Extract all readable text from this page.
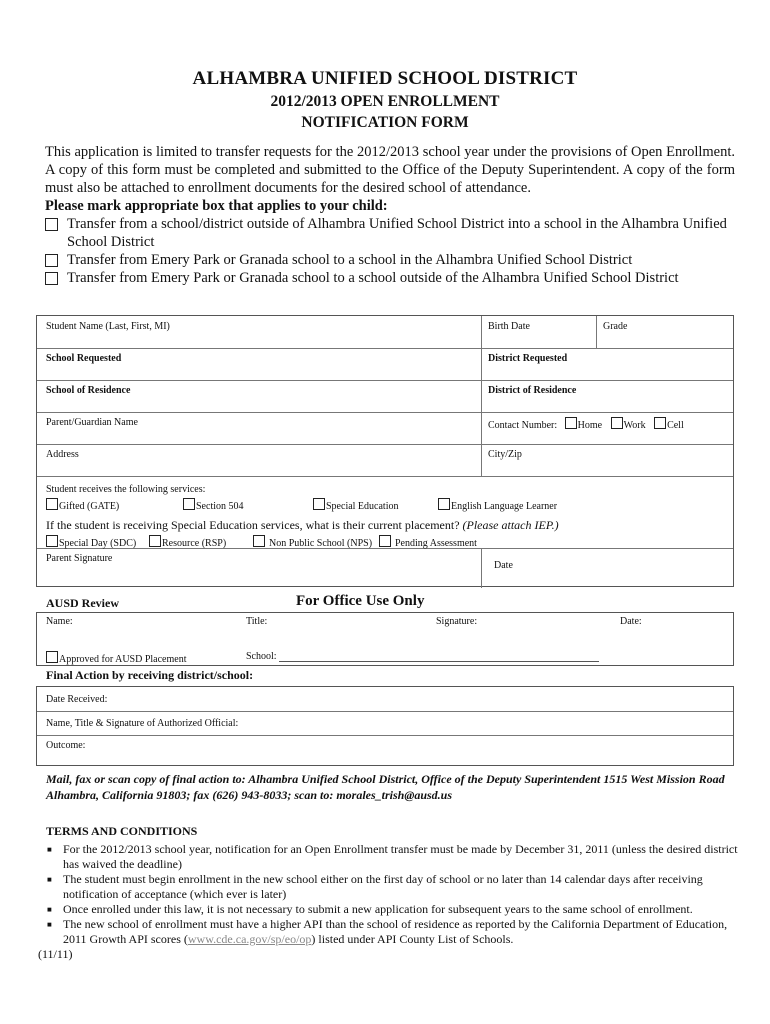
ALHAMBRA UNIFIED SCHOOL DISTRICT
2012/2013 OPEN ENROLLMENT
NOTIFICATION FORM
This application is limited to transfer requests for the 2012/2013 school year under the provisions of Open Enrollment. A copy of this form must be completed and submitted to the Office of the Deputy Superintendent. A copy of the form must also be attached to enrollment documents for the desired school of attendance.
Please mark appropriate box that applies to your child:
Transfer from a school/district outside of Alhambra Unified School District into a school in the Alhambra Unified School District
Transfer from Emery Park or Granada school to a school in the Alhambra Unified School District
Transfer from Emery Park or Granada school to a school outside of the Alhambra Unified School District
Student Name (Last, First, MI)	Birth Date	Grade
School Requested	District Requested
School of Residence	District of Residence
Parent/Guardian Name	Contact Number: Home Work Cell
Address	City/Zip
Student receives the following services:
Gifted (GATE)	Section 504	Special Education	English Language Learner
If the student is receiving Special Education services, what is their current placement? (Please attach IEP.)
Special Day (SDC)	Resource (RSP)	Non Public School (NPS)	Pending Assessment
Parent Signature
Date
AUSD Review	For Office Use Only
Name:	Title:	Signature:	Date:
Approved for AUSD Placement	School:
Final Action by receiving district/school:
Date Received:
Name, Title & Signature of Authorized Official:
Outcome:
Mail, fax or scan copy of final action to: Alhambra Unified School District, Office of the Deputy Superintendent 1515 West Mission Road Alhambra, California 91803; fax (626) 943-8033; scan to: morales_trish@ausd.us
TERMS AND CONDITIONS
■ For the 2012/2013 school year, notification for an Open Enrollment transfer must be made by December 31, 2011 (unless the desired district has waived the deadline)
■ The student must begin enrollment in the new school either on the first day of school or no later than 14 calendar days after receiving notification of acceptance (which ever is later)
■ Once enrolled under this law, it is not necessary to submit a new application for subsequent years to the same school of enrollment.
■ The new school of enrollment must have a higher API than the school of residence as reported by the California Department of Education, 2011 Growth API scores (www.cde.ca.gov/sp/eo/op) listed under API County List of Schools.
(11/11)
